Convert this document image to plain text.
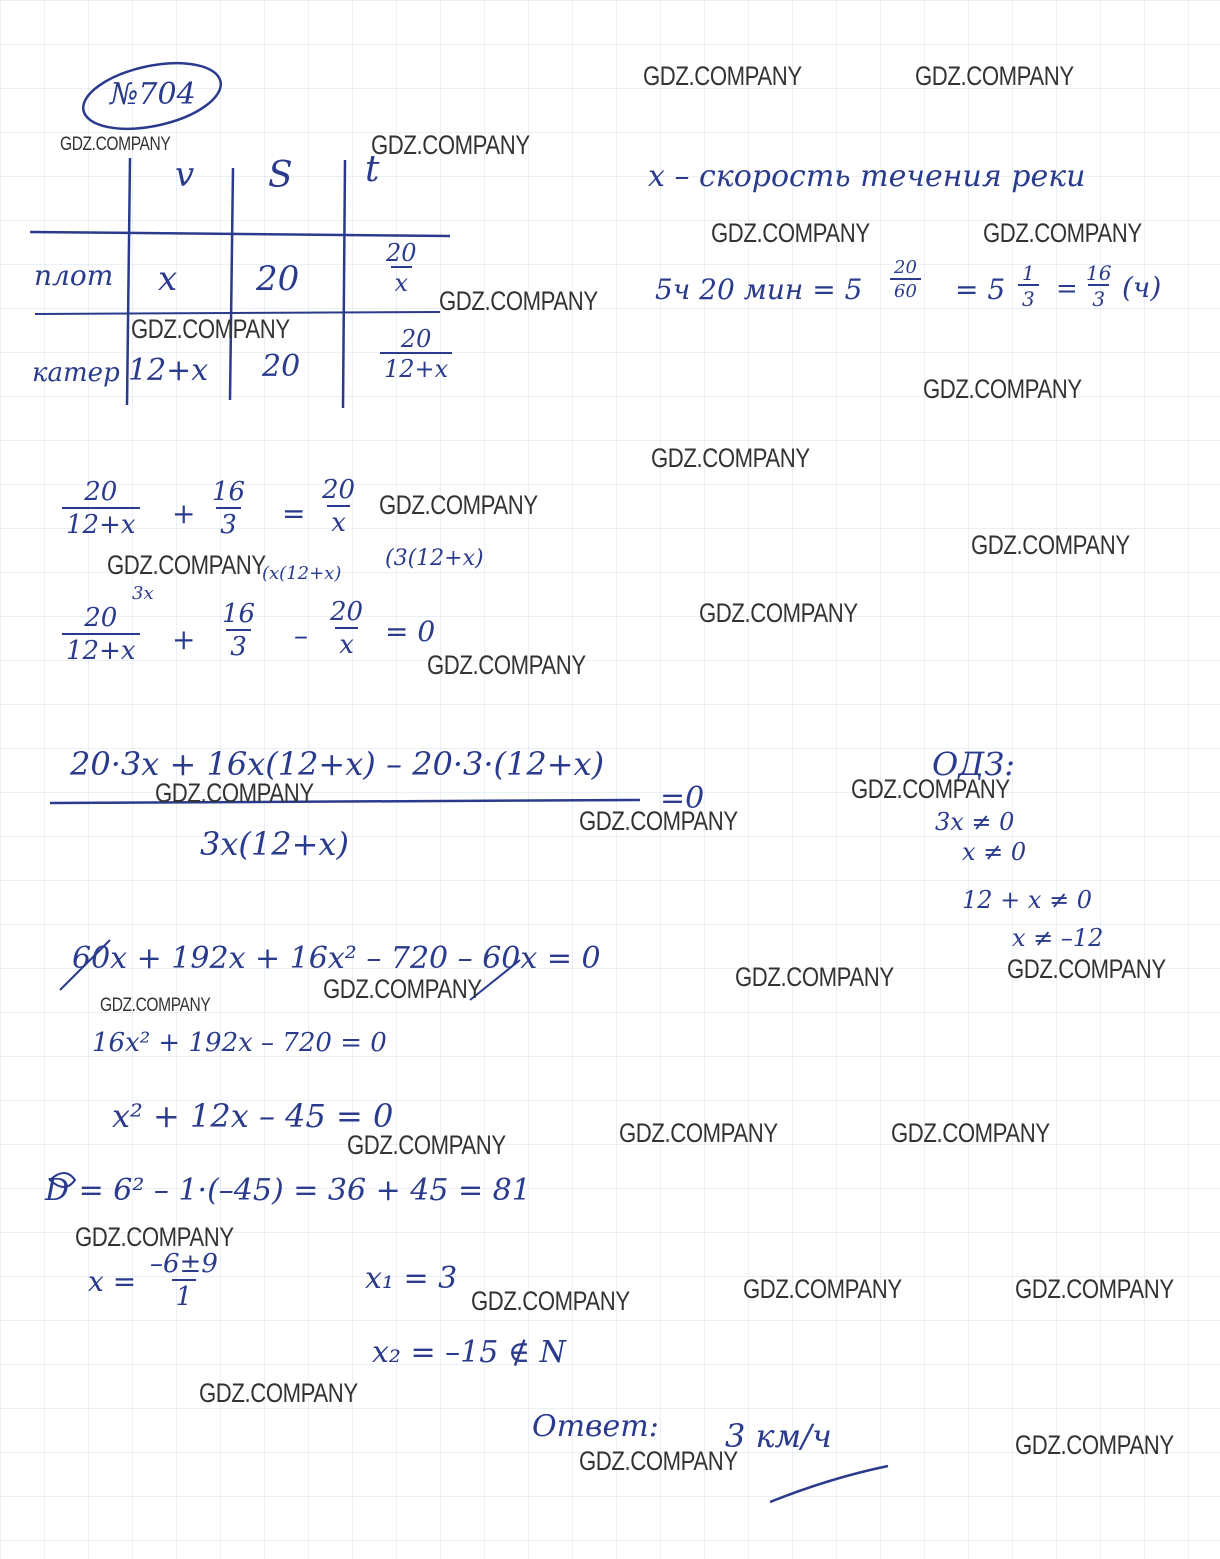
№704
v S t
плот x 20	$\frac{20}{x}$
катер 12+x 20	$\frac{20}{12+x}$
x – скорость течения реки
5ч 20 мин = $5 \frac{20}{60} = 5 \frac{1}{3} = \frac{16}{3} (ч)$
$\frac{20}{12+x} + \frac{16}{3} = \frac{20}{x}$
3x
(x(12+x)
(3(12+x)
$\frac{20}{12+x} + \frac{16}{3} - \frac{20}{x} = 0$
20·3x + 16x(12+x) – 20·3·(12+x)
3x(12+x)
=0
ОДЗ:
3x ≠ 0
x ≠ 0
12 + x ≠ 0
x ≠ –12
60x + 192x + 16x² – 720 – 60x = 0
16x² + 192x – 720 = 0
x² + 12x – 45 = 0
D = 6² – 1·(–45) = 36 + 45 = 81
$x = \frac{-6\pm 9}{1}$	x₁ = 3
x₂ = –15 ∉ N
Ответ: 3 км/ч
GDZ.COMPANY	GDZ.COMPANY
GDZ.COMPANY	GDZ.COMPANY
GDZ.COMPANY	GDZ.COMPANY
GDZ.COMPANY
GDZ.COMPANY
GDZ.COMPANY
GDZ.COMPANY
GDZ.COMPANY
GDZ.COMPANY
GDZ.COMPANY
GDZ.COMPANY
GDZ.COMPANY
GDZ.COMPANY
GDZ.COMPANY
GDZ.COMPANY
GDZ.COMPANY
GDZ.COMPANY
GDZ.COMPANY
GDZ.COMPANY
GDZ.COMPANY	GDZ.COMPANY
GDZ.COMPANY
GDZ.COMPANY
GDZ.COMPANY	GDZ.COMPANY
GDZ.COMPANY
GDZ.COMPANY
GDZ.COMPANY
GDZ.COMPANY
